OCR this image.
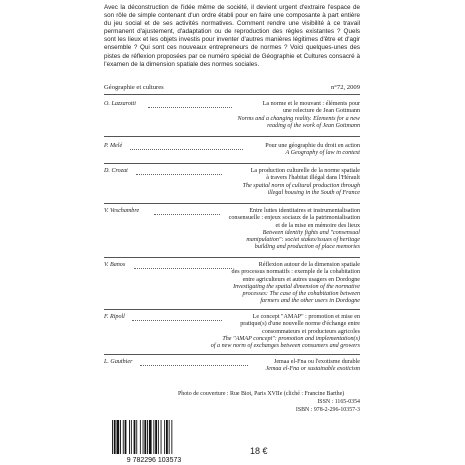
Avec la déconstruction de l'idée même de société, il devient urgent d'extraire l'espace de son rôle de simple contenant d'un ordre établi pour en faire une composante à part entière du jeu social et de ses activités normatives. Comment rendre une visibilité à ce travail permanent d'ajustement, d'adaptation ou de reproduction des règles existantes ? Quels sont les lieux et les objets investis pour inventer d'autres manières légitimes d'être et d'agir ensemble ? Qui sont ces nouveaux entrepreneurs de normes ? Voici quelques-unes des pistes de réflexion proposées par ce numéro spécial de Géographie et Cultures consacré à l'examen de la dimension spatiale des normes sociales.
Géographie et cultures	n°72, 2009
O. Lazzarotti	La norme et le mouvant : éléments pour
une relecture de Jean Gottmann
Norms and a changing reality. Elements for a new
reading of the work of Jean Gottmann
P. Melé	Pour une géographie du droit en action
A Geography of law in context
D. Crozat	La production culturelle de la norme spatiale
à travers l'habitat illégal dans l'Hérault
The spatial norm of cultural production through
illegal housing in the South of France
V. Veschambre	Entre luttes identitaires et instrumentalisation
consensuelle : enjeux sociaux de la patrimonialisation
et de la mise en mémoire des lieux
Between identity fights and "consensual
manipulation": societ stakes/issues of heritage
building and production of place memories
V. Banos	Réflexion autour de la dimension spatiale
des processus normatifs : exemple de la cohabitation
entre agriculteurs et autres usagers en Dordogne
Investigating the spatial dimension of the normative
processes: The case of the cohabitation between
farmers and the other users in Dordogne
F. Ripoll	Le concept "AMAP" : promotion et mise en
pratique(s) d'une nouvelle norme d'échange entre
consommateurs et producteurs agricoles
The "AMAP concept": promotion and implementation(s)
of a new norm of exchanges between consumers and growers
L. Gauthier	Jemaa el-Fna ou l'exotisme durable
Jemaa el-Fna or sustainable exoticism
Photo de couverture : Rue Biot, Paris XVIIe (cliché : Francine Barthe)
ISSN : 1165-0354
ISBN : 978-2-296-10357-3
9 782296 103573
18 €
